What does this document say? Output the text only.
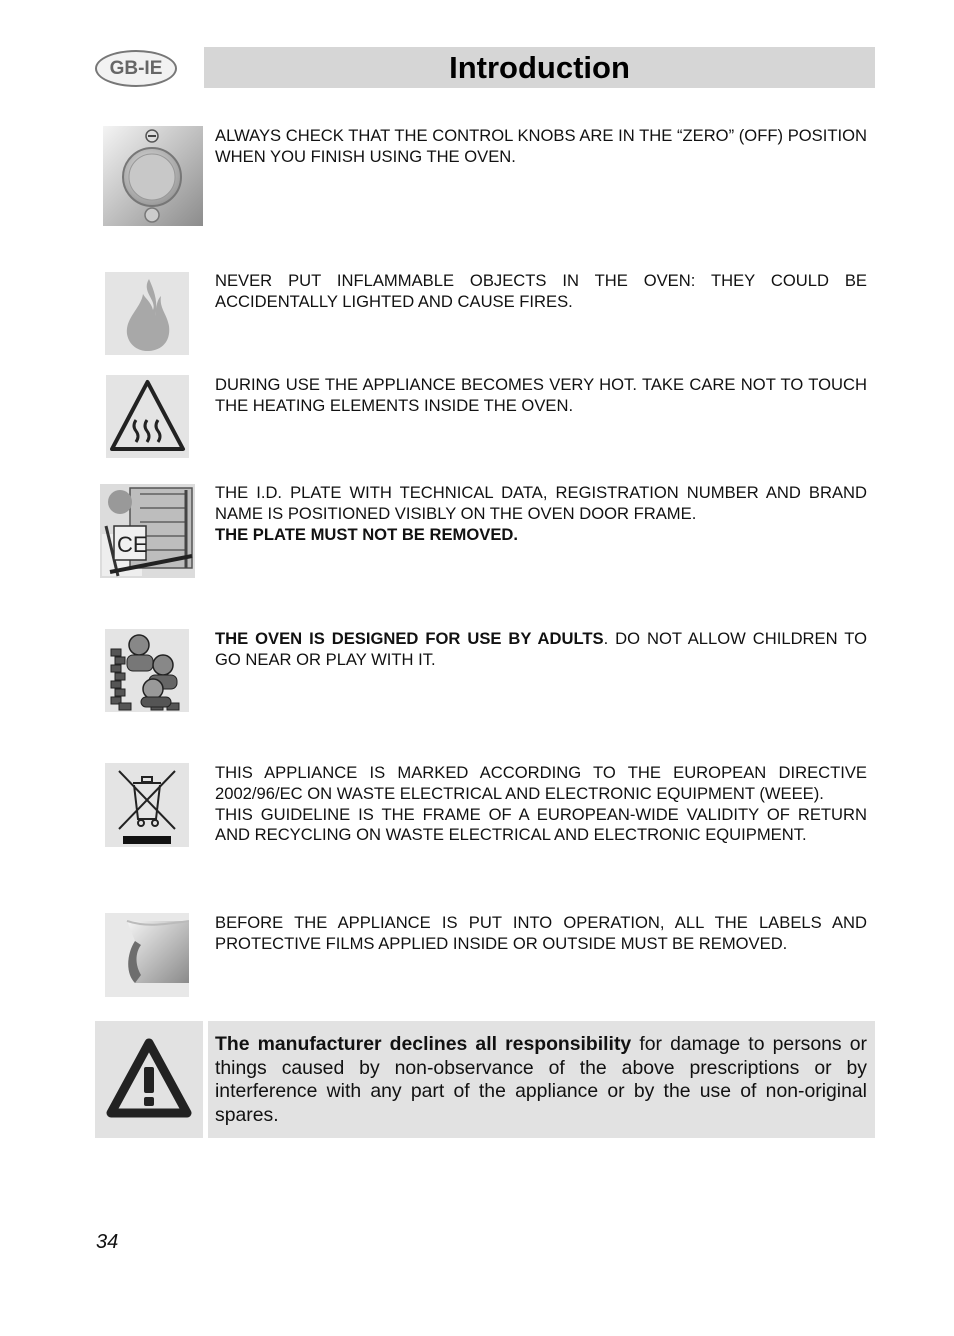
GB-IE	Introduction

ALWAYS CHECK THAT THE CONTROL KNOBS ARE IN THE “ZERO” (OFF) POSITION WHEN YOU FINISH USING THE OVEN.

NEVER PUT INFLAMMABLE OBJECTS IN THE OVEN: THEY COULD BE ACCIDENTALLY LIGHTED AND CAUSE FIRES.

DURING USE THE APPLIANCE BECOMES VERY HOT. TAKE CARE NOT TO TOUCH THE HEATING ELEMENTS INSIDE THE OVEN.

CE

THE I.D. PLATE WITH TECHNICAL DATA, REGISTRATION NUMBER AND BRAND NAME IS POSITIONED VISIBLY ON THE OVEN DOOR FRAME.

THE PLATE MUST NOT BE REMOVED.

THE OVEN IS DESIGNED FOR USE BY ADULTS. DO NOT ALLOW CHILDREN TO GO NEAR OR PLAY WITH IT.

THIS APPLIANCE IS MARKED ACCORDING TO THE EUROPEAN DIRECTIVE 2002/96/EC ON WASTE ELECTRICAL AND ELECTRONIC EQUIPMENT (WEEE).

THIS GUIDELINE IS THE FRAME OF A EUROPEAN-WIDE VALIDITY OF RETURN AND RECYCLING ON WASTE ELECTRICAL AND ELECTRONIC EQUIPMENT.

BEFORE THE APPLIANCE IS PUT INTO OPERATION, ALL THE LABELS AND PROTECTIVE FILMS APPLIED INSIDE OR OUTSIDE MUST BE REMOVED.

The manufacturer declines all responsibility for damage to persons or things caused by non-observance of the above prescriptions or by interference with any part of the appliance or by the use of non-original spares.
34
